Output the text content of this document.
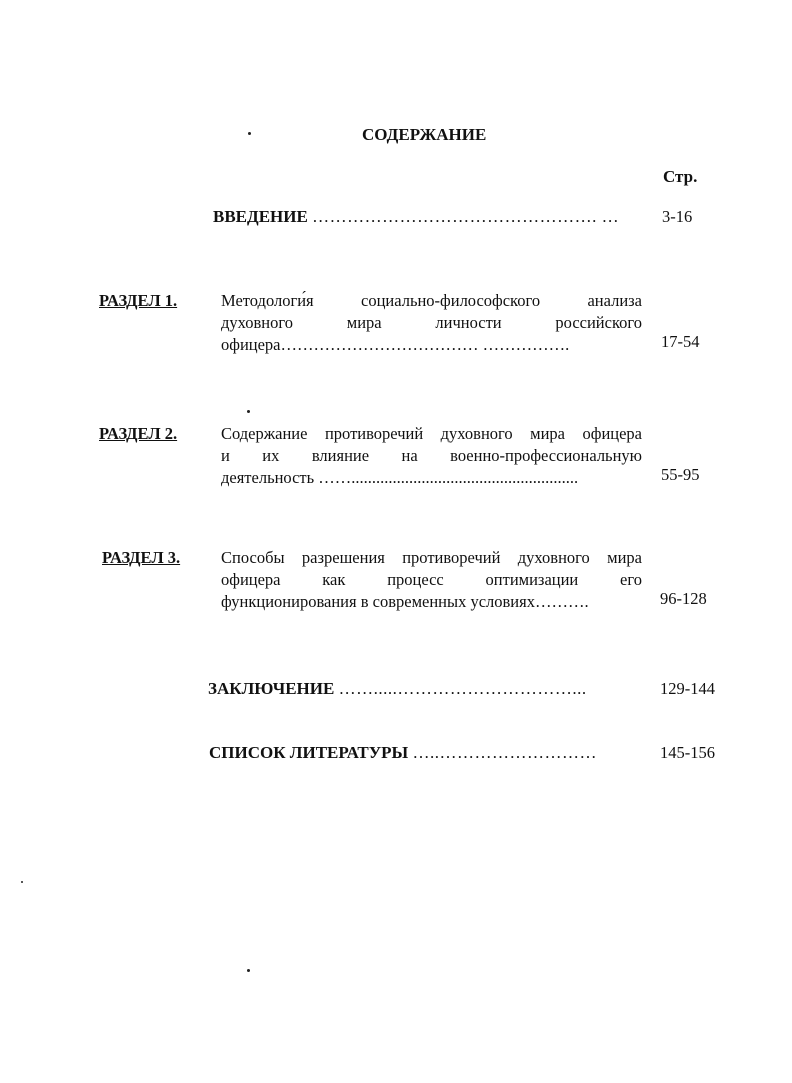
СОДЕРЖАНИЕ
Стр.
ВВЕДЕНИЕ …………………………………………. …	3-16
РАЗДЕЛ 1.	Методологи́я социально-философского анализа
духовного мира личности российского
офицера……………………………… …………….	17-54
РАЗДЕЛ 2.	Содержание противоречий духовного мира офицера
и их влияние на военно-профессиональную
деятельность …….......................................................	55-95
РАЗДЕЛ 3. Способы разрешения противоречий духовного мира
офицера как процесс оптимизации его
функционирования в современных условиях……….	96-128
ЗАКЛЮЧЕНИЕ …….....…………………………...	129-144
СПИСОК ЛИТЕРАТУРЫ …..………………………	145-156
